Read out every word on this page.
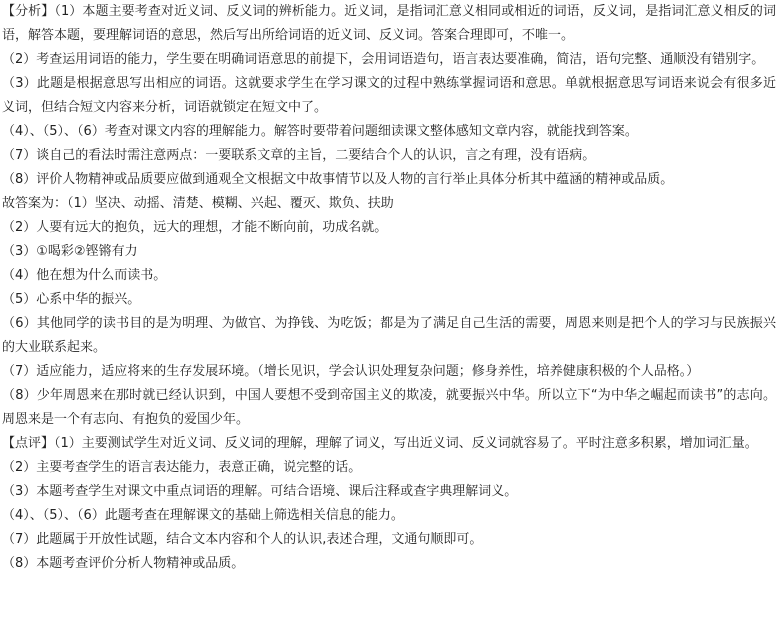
【分析】（1）本题主要考查对近义词、反义词的辨析能力。近义词，是指词汇意义相同或相近的词语，反义词，是指词汇意义相反的词语，解答本题，要理解词语的意思，然后写出所给词语的近义词、反义词。答案合理即可，不唯一。

（2）考查运用词语的能力，学生要在明确词语意思的前提下，会用词语造句，语言表达要准确，简洁，语句完整、通顺没有错别字。

（3）此题是根据意思写出相应的词语。这就要求学生在学习课文的过程中熟练掌握词语和意思。单就根据意思写词语来说会有很多近义词，但结合短文内容来分析，词语就锁定在短文中了。

（4）、（5）、（6）考查对课文内容的理解能力。解答时要带着问题细读课文整体感知文章内容，就能找到答案。

（7）谈自己的看法时需注意两点：一要联系文章的主旨，二要结合个人的认识，言之有理，没有语病。

（8）评价人物精神或品质要应做到通观全文根据文中故事情节以及人物的言行举止具体分析其中蕴涵的精神或品质。

故答案为：（1）坚决、动摇、清楚、模糊、兴起、覆灭、欺负、扶助

（2）人要有远大的抱负，远大的理想，才能不断向前，功成名就。

（3）①喝彩②铿锵有力

（4）他在想为什么而读书。

（5）心系中华的振兴。

（6）其他同学的读书目的是为明理、为做官、为挣钱、为吃饭；都是为了满足自己生活的需要，周恩来则是把个人的学习与民族振兴的大业联系起来。

（7）适应能力，适应将来的生存发展环境。（增长见识，学会认识处理复杂问题；修身养性，培养健康积极的个人品格。）

（8）少年周恩来在那时就已经认识到，中国人要想不受到帝国主义的欺凌，就要振兴中华。所以立下“为中华之崛起而读书”的志向。周恩来是一个有志向、有抱负的爱国少年。

【点评】（1）主要测试学生对近义词、反义词的理解，理解了词义，写出近义词、反义词就容易了。平时注意多积累，增加词汇量。

（2）主要考查学生的语言表达能力，表意正确，说完整的话。

（3）本题考查学生对课文中重点词语的理解。可结合语境、课后注释或查字典理解词义。

（4）、（5）、（6）此题考查在理解课文的基础上筛选相关信息的能力。

（7）此题属于开放性试题，结合文本内容和个人的认识,表述合理，文通句顺即可。

（8）本题考查评价分析人物精神或品质。
